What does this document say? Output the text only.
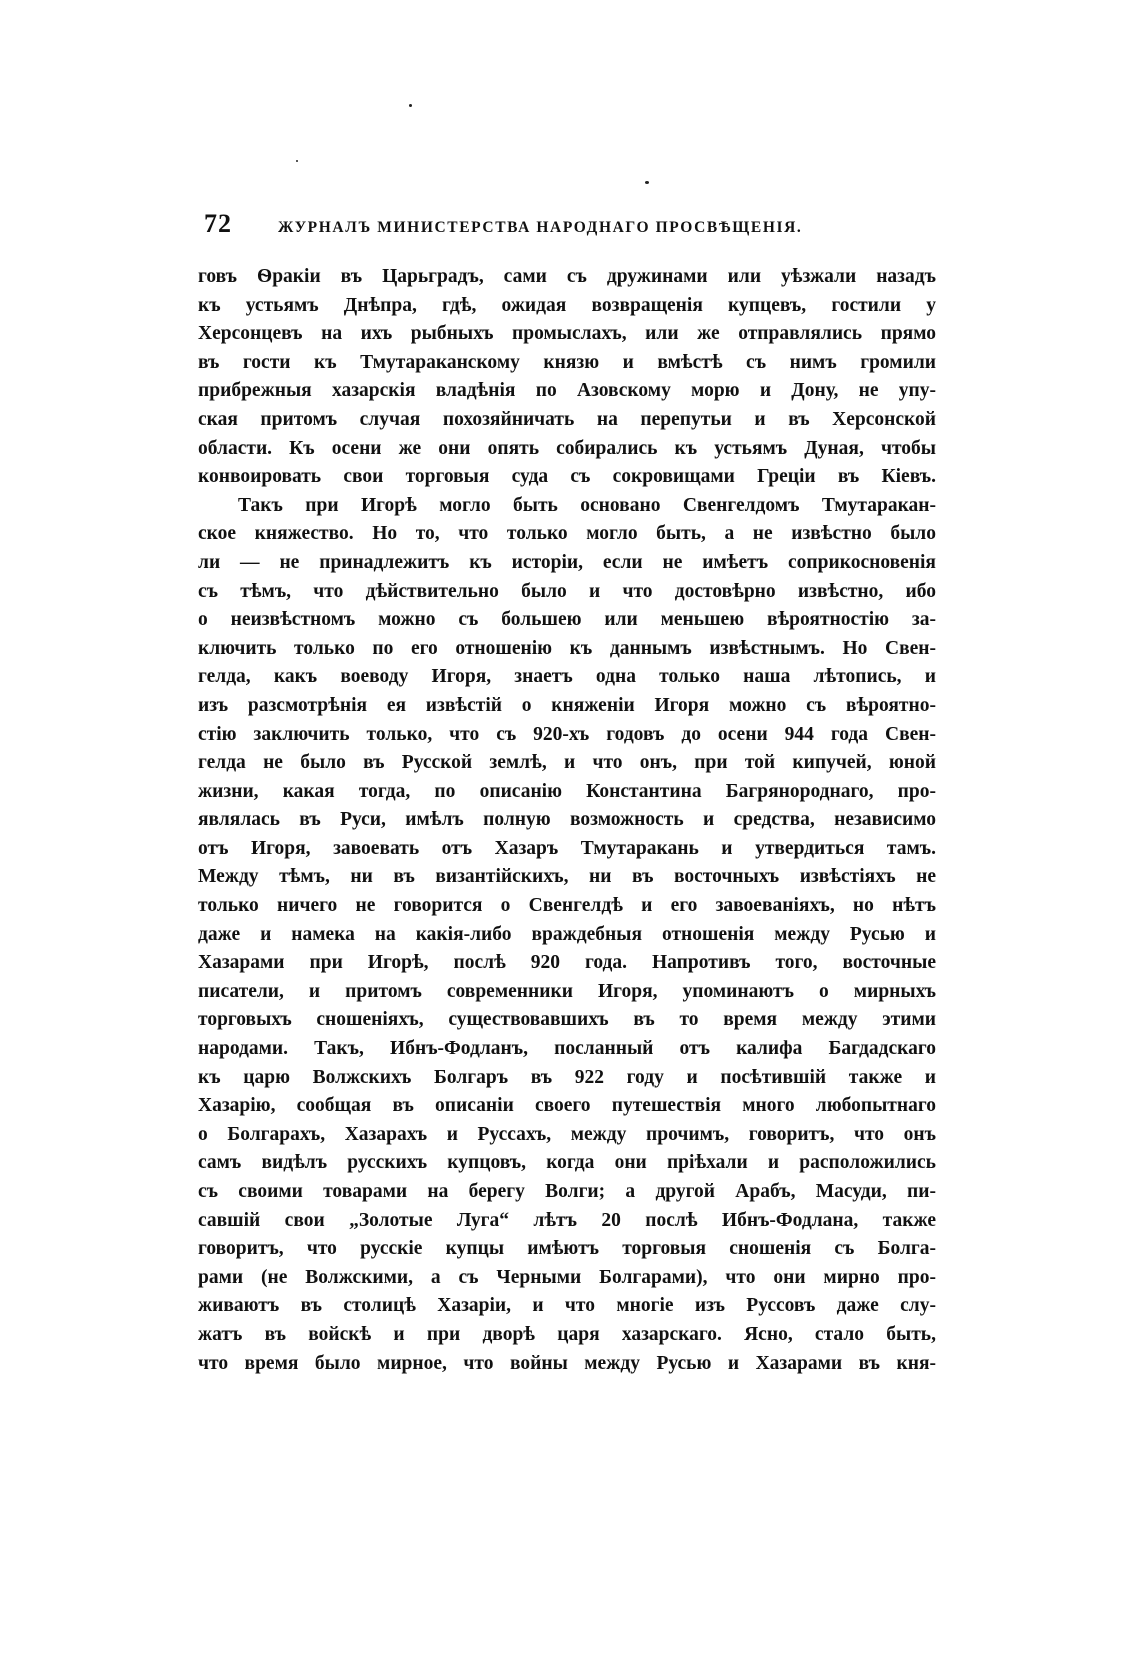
72	ЖУРНАЛЪ МИНИСТЕРСТВА НАРОДНАГО ПРОСВѢЩЕНІЯ.
говъ Ѳракіи въ Царьградъ, сами съ дружинами или уѣзжали назадъ
къ устьямъ Днѣпра, гдѣ, ожидая возвращенія купцевъ, гостили у
Херсонцевъ на ихъ рыбныхъ промыслахъ, или же отправлялись прямо
въ гости къ Тмутараканскому князю и вмѣстѣ съ нимъ громили
прибрежныя хазарскія владѣнія по Азовскому морю и Дону, не упу-
ская притомъ случая похозяйничать на перепутьи и въ Херсонской
области. Къ осени же они опять собирались къ устьямъ Дуная, чтобы
конвоировать свои торговыя суда съ сокровищами Греціи въ Кіевъ.
Такъ при Игорѣ могло быть основано Свенгелдомъ Тмутаракан-
ское княжество. Но то, что только могло быть, а не извѣстно было
ли — не принадлежитъ къ исторіи, если не имѣетъ соприкосновенія
съ тѣмъ, что дѣйствительно было и что достовѣрно извѣстно, ибо
о неизвѣстномъ можно съ большею или меньшею вѣроятностію за-
ключить только по его отношенію къ даннымъ извѣстнымъ. Но Свен-
гелда, какъ воеводу Игоря, знаетъ одна только наша лѣтопись, и
изъ разсмотрѣнія ея извѣстій о княженіи Игоря можно съ вѣроятно-
стію заключить только, что съ 920-хъ годовъ до осени 944 года Свен-
гелда не было въ Русской землѣ, и что онъ, при той кипучей, юной
жизни, какая тогда, по описанію Константина Багрянороднаго, про-
являлась въ Руси, имѣлъ полную возможность и средства, независимо
отъ Игоря, завоевать отъ Хазаръ Тмутаракань и утвердиться тамъ.
Между тѣмъ, ни въ византійскихъ, ни въ восточныхъ извѣстіяхъ не
только ничего не говорится о Свенгелдѣ и его завоеваніяхъ, но нѣтъ
даже и намека на какія-либо враждебныя отношенія между Русью и
Хазарами при Игорѣ, послѣ 920 года. Напротивъ того, восточные
писатели, и притомъ современники Игоря, упоминаютъ о мирныхъ
торговыхъ сношеніяхъ, существовавшихъ въ то время между этими
народами. Такъ, Ибнъ-Фодланъ, посланный отъ калифа Багдадскаго
къ царю Волжскихъ Болгаръ въ 922 году и посѣтившій также и
Хазарію, сообщая въ описаніи своего путешествія много любопытнаго
о Болгарахъ, Хазарахъ и Руссахъ, между прочимъ, говоритъ, что онъ
самъ видѣлъ русскихъ купцовъ, когда они пріѣхали и расположились
съ своими товарами на берегу Волги; а другой Арабъ, Масуди, пи-
савшій свои „Золотые Луга“ лѣтъ 20 послѣ Ибнъ-Фодлана, также
говоритъ, что русскіе купцы имѣютъ торговыя сношенія съ Болга-
рами (не Волжскими, а съ Черными Болгарами), что они мирно про-
живаютъ въ столицѣ Хазаріи, и что многіе изъ Руссовъ даже слу-
жатъ въ войскѣ и при дворѣ царя хазарскаго. Ясно, стало быть,
что время было мирное, что войны между Русью и Хазарами въ кня-
